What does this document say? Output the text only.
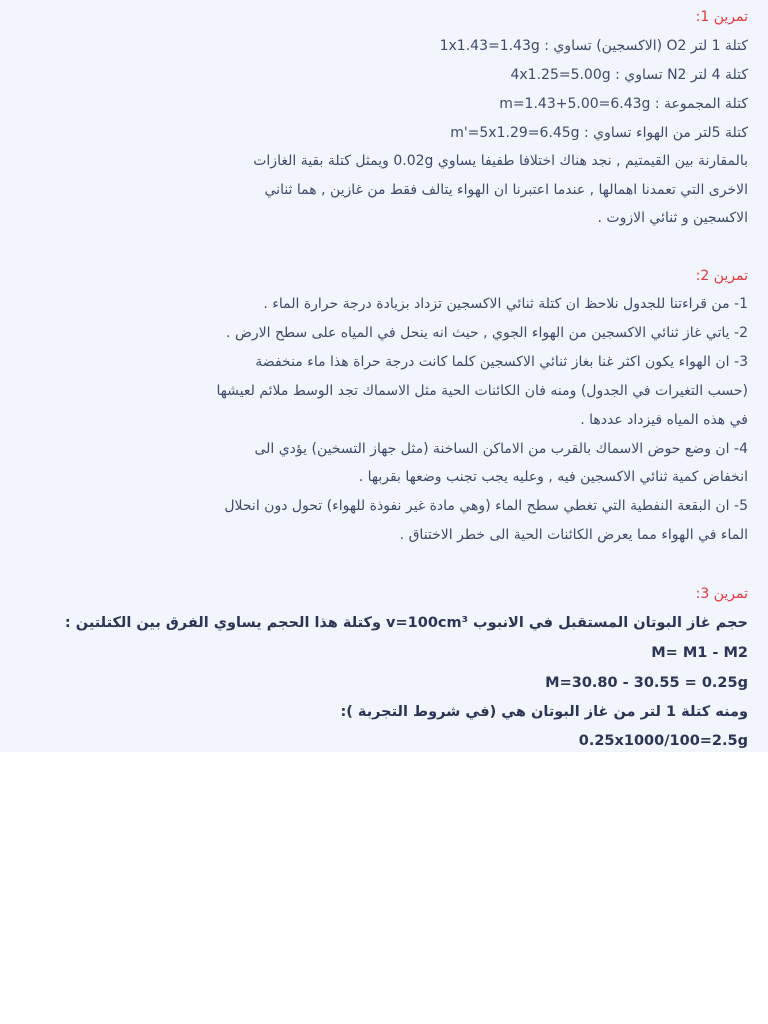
تمرين 1:
كتلة 1 لتر O2 (الاكسجين) تساوي : 1x1.43=1.43g
كتلة 4 لتر N2 تساوي : 4x1.25=5.00g
كتلة المجموعة : m=1.43+5.00=6.43g
كتلة 5لتر من الهواء تساوي : m'=5x1.29=6.45g
بالمقارنة بين القيمتيم , نجد هناك اختلافا طفيفا يساوي 0.02g ويمثل كتلة بقية الغازات
الاخرى التي تعمدنا اهمالها , عندما اعتبرنا ان الهواء يتالف فقط من غازين , هما ثناني
الاكسجين و ثنائي الازوت .
تمرين 2:
1- من قراءتنا للجدول نلاحظ ان كتلة ثنائي الاكسجين تزداد بزيادة درجة حرارة الماء .
2- ياتي غاز ثنائي الاكسجين من الهواء الجوي , حيث انه ينحل في المياه على سطح الارض .
3- ان الهواء يكون اكثر غنا بغاز ثنائي الاكسجين كلما كانت درجة حراة هذا ماء منخفضة
(حسب التغيرات في الجدول) ومنه فان الكائنات الحية مثل الاسماك تجد الوسط ملائم لعيشها
في هذه المياه فيزداد عددها .
4- ان وضع حوض الاسماك بالقرب من الاماكن الساخنة (مثل جهاز التسخين) يؤدي الى
انخفاض كمية ثنائي الاكسجين فيه , وعليه يجب تجنب وضعها بقربها .
5- ان البقعة النفطية التي تغطي سطح الماء (وهي مادة غير نفوذة للهواء) تحول دون انحلال
الماء في الهواء مما يعرض الكائنات الحية الى خطر الاختناق .
تمرين 3:
حجم غاز البوتان المستقبل في الانبوب v=100cm³ وكتلة هذا الحجم يساوي الفرق بين الكتلتين :
M= M1 - M2
M=30.80 - 30.55 = 0.25g
ومنه كتلة 1 لتر من غاز البوتان هي (في شروط التجربة ):
0.25x1000/100=2.5g
